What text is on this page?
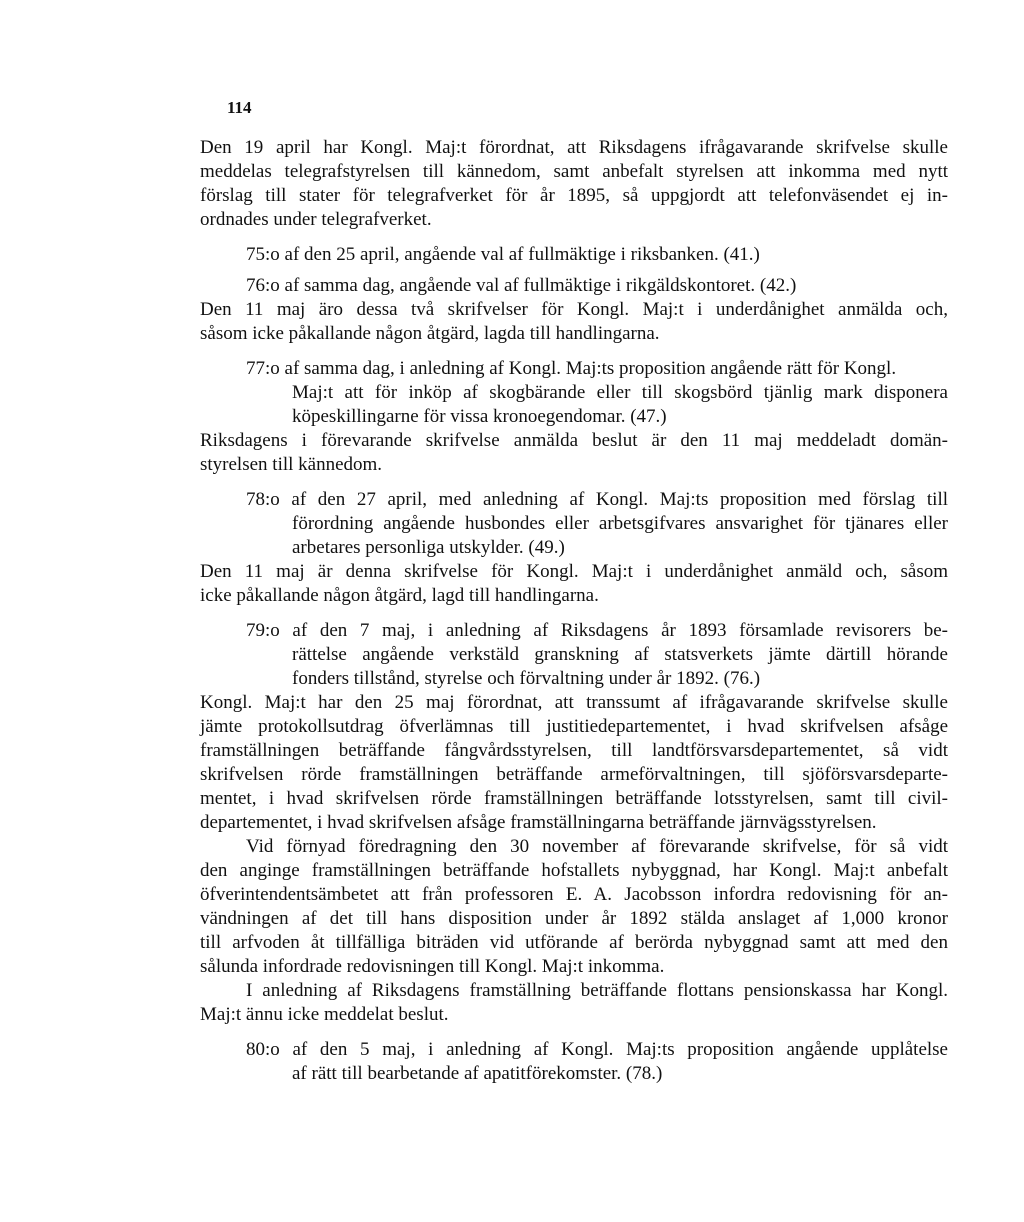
114
Den 19 april har Kongl. Maj:t förordnat, att Riksdagens ifrågavarande skrifvelse skulle
meddelas telegrafstyrelsen till kännedom, samt anbefalt styrelsen att inkomma med nytt
förslag till stater för telegrafverket för år 1895, så uppgjordt att telefonväsendet ej in-
ordnades under telegrafverket.
75:o af den 25 april, angående val af fullmäktige i riksbanken. (41.)
76:o af samma dag, angående val af fullmäktige i rikgäldskontoret. (42.)
Den 11 maj äro dessa två skrifvelser för Kongl. Maj:t i underdånighet anmälda och,
såsom icke påkallande någon åtgärd, lagda till handlingarna.
77:o af samma dag, i anledning af Kongl. Maj:ts proposition angående rätt för Kongl.
Maj:t att för inköp af skogbärande eller till skogsbörd tjänlig mark disponera
köpeskillingarne för vissa kronoegendomar. (47.)
Riksdagens i förevarande skrifvelse anmälda beslut är den 11 maj meddeladt domän-
styrelsen till kännedom.
78:o af den 27 april, med anledning af Kongl. Maj:ts proposition med förslag till
förordning angående husbondes eller arbetsgifvares ansvarighet för tjänares eller
arbetares personliga utskylder. (49.)
Den 11 maj är denna skrifvelse för Kongl. Maj:t i underdånighet anmäld och, såsom
icke påkallande någon åtgärd, lagd till handlingarna.
79:o af den 7 maj, i anledning af Riksdagens år 1893 församlade revisorers be-
rättelse angående verkstäld granskning af statsverkets jämte därtill hörande
fonders tillstånd, styrelse och förvaltning under år 1892. (76.)
Kongl. Maj:t har den 25 maj förordnat, att transsumt af ifrågavarande skrifvelse skulle
jämte protokollsutdrag öfverlämnas till justitiedepartementet, i hvad skrifvelsen afsåge
framställningen beträffande fångvårdsstyrelsen, till landtförsvarsdepartementet, så vidt
skrifvelsen rörde framställningen beträffande armeförvaltningen, till sjöförsvarsdeparte-
mentet, i hvad skrifvelsen rörde framställningen beträffande lotsstyrelsen, samt till civil-
departementet, i hvad skrifvelsen afsåge framställningarna beträffande järnvägsstyrelsen.
Vid förnyad föredragning den 30 november af förevarande skrifvelse, för så vidt
den anginge framställningen beträffande hofstallets nybyggnad, har Kongl. Maj:t anbefalt
öfverintendentsämbetet att från professoren E. A. Jacobsson infordra redovisning för an-
vändningen af det till hans disposition under år 1892 stälda anslaget af 1,000 kronor
till arfvoden åt tillfälliga biträden vid utförande af berörda nybyggnad samt att med den
sålunda infordrade redovisningen till Kongl. Maj:t inkomma.
I anledning af Riksdagens framställning beträffande flottans pensionskassa har Kongl.
Maj:t ännu icke meddelat beslut.
80:o af den 5 maj, i anledning af Kongl. Maj:ts proposition angående upplåtelse
af rätt till bearbetande af apatitförekomster. (78.)
